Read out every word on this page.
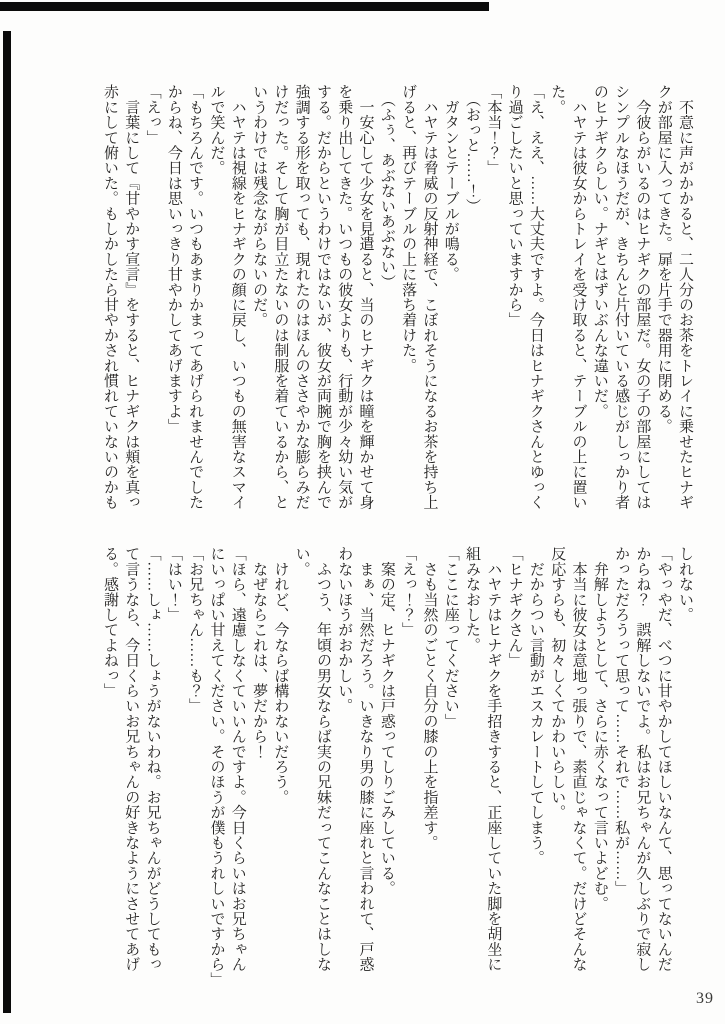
　不意に声がかかると、二人分のお茶をトレイに乗せたヒナギ
クが部屋に入ってきた。扉を片手で器用に閉める。
　今彼らがいるのはヒナギクの部屋だ。女の子の部屋にしては
シンプルなほうだが、きちんと片付いている感じがしっかり者
のヒナギクらしい。ナギとはずいぶんな違いだ。
　ハヤテは彼女からトレイを受け取ると、テーブルの上に置い
た。
「え、ええ、……大丈夫ですよ。今日はヒナギクさんとゆっく
り過ごしたいと思っていますから」
「本当！？」
　（おっと……！）
　ガタンとテーブルが鳴る。
　ハヤテは脅威の反射神経で、こぼれそうになるお茶を持ち上
げると、再びテーブルの上に落ち着けた。
　（ふぅ、あぶないあぶない）
　一安心して少女を見遣ると、当のヒナギクは瞳を輝かせて身
を乗り出してきた。いつもの彼女よりも、行動が少々幼い気が
する。だからというわけではないが、彼女が両腕で胸を挟んで
強調する形を取っても、現れたのはほんのささやかな膨らみだ
けだった。そして胸が目立たないのは制服を着ているから、と
いうわけでは残念ながらないのだ。
　ハヤテは視線をヒナギクの顔に戻し、いつもの無害なスマイ
ルで笑んだ。
「もちろんです。いつもあまりかまってあげられませんでした
からね、今日は思いっきり甘やかしてあげますよ」
「えっ」
　言葉にして『甘やかす宣言』をすると、ヒナギクは頬を真っ
赤にして俯いた。もしかしたら甘やかされ慣れていないのかも
しれない。
「やっやだ、べつに甘やかしてほしいなんて、思ってないんだ
からね？　誤解しないでよ。私はお兄ちゃんが久しぶりで寂し
かっただろうって思って……それで……私が……」
　弁解しようとして、さらに赤くなって言いよどむ。
　本当に彼女は意地っ張りで、素直じゃなくて。だけどそんな
反応すらも、初々しくてかわいらしい。
　だからつい言動がエスカレートしてしまう。
「ヒナギクさん」
　ハヤテはヒナギクを手招きすると、正座していた脚を胡坐に
組みなおした。
「ここに座ってください」
　さも当然のごとく自分の膝の上を指差す。
「えっ！？」
　案の定、ヒナギクは戸惑ってしりごみしている。
　まぁ、当然だろう。いきなり男の膝に座れと言われて、戸惑
わないほうがおかしい。
　ふつう、年頃の男女ならば実の兄妹だってこんなことはしな
い。
　けれど、今ならば構わないだろう。
　なぜならこれは、夢だから！
「ほら、遠慮しなくていいんですよ。今日くらいはお兄ちゃん
にいっぱい甘えてください。そのほうが僕もうれしいですから」
「お兄ちゃん……も？」
「はい！」
「……しょ……しょうがないわね。お兄ちゃんがどうしてもっ
て言うなら、今日くらいお兄ちゃんの好きなようにさせてあげ
る。感謝してよねっ」
39
